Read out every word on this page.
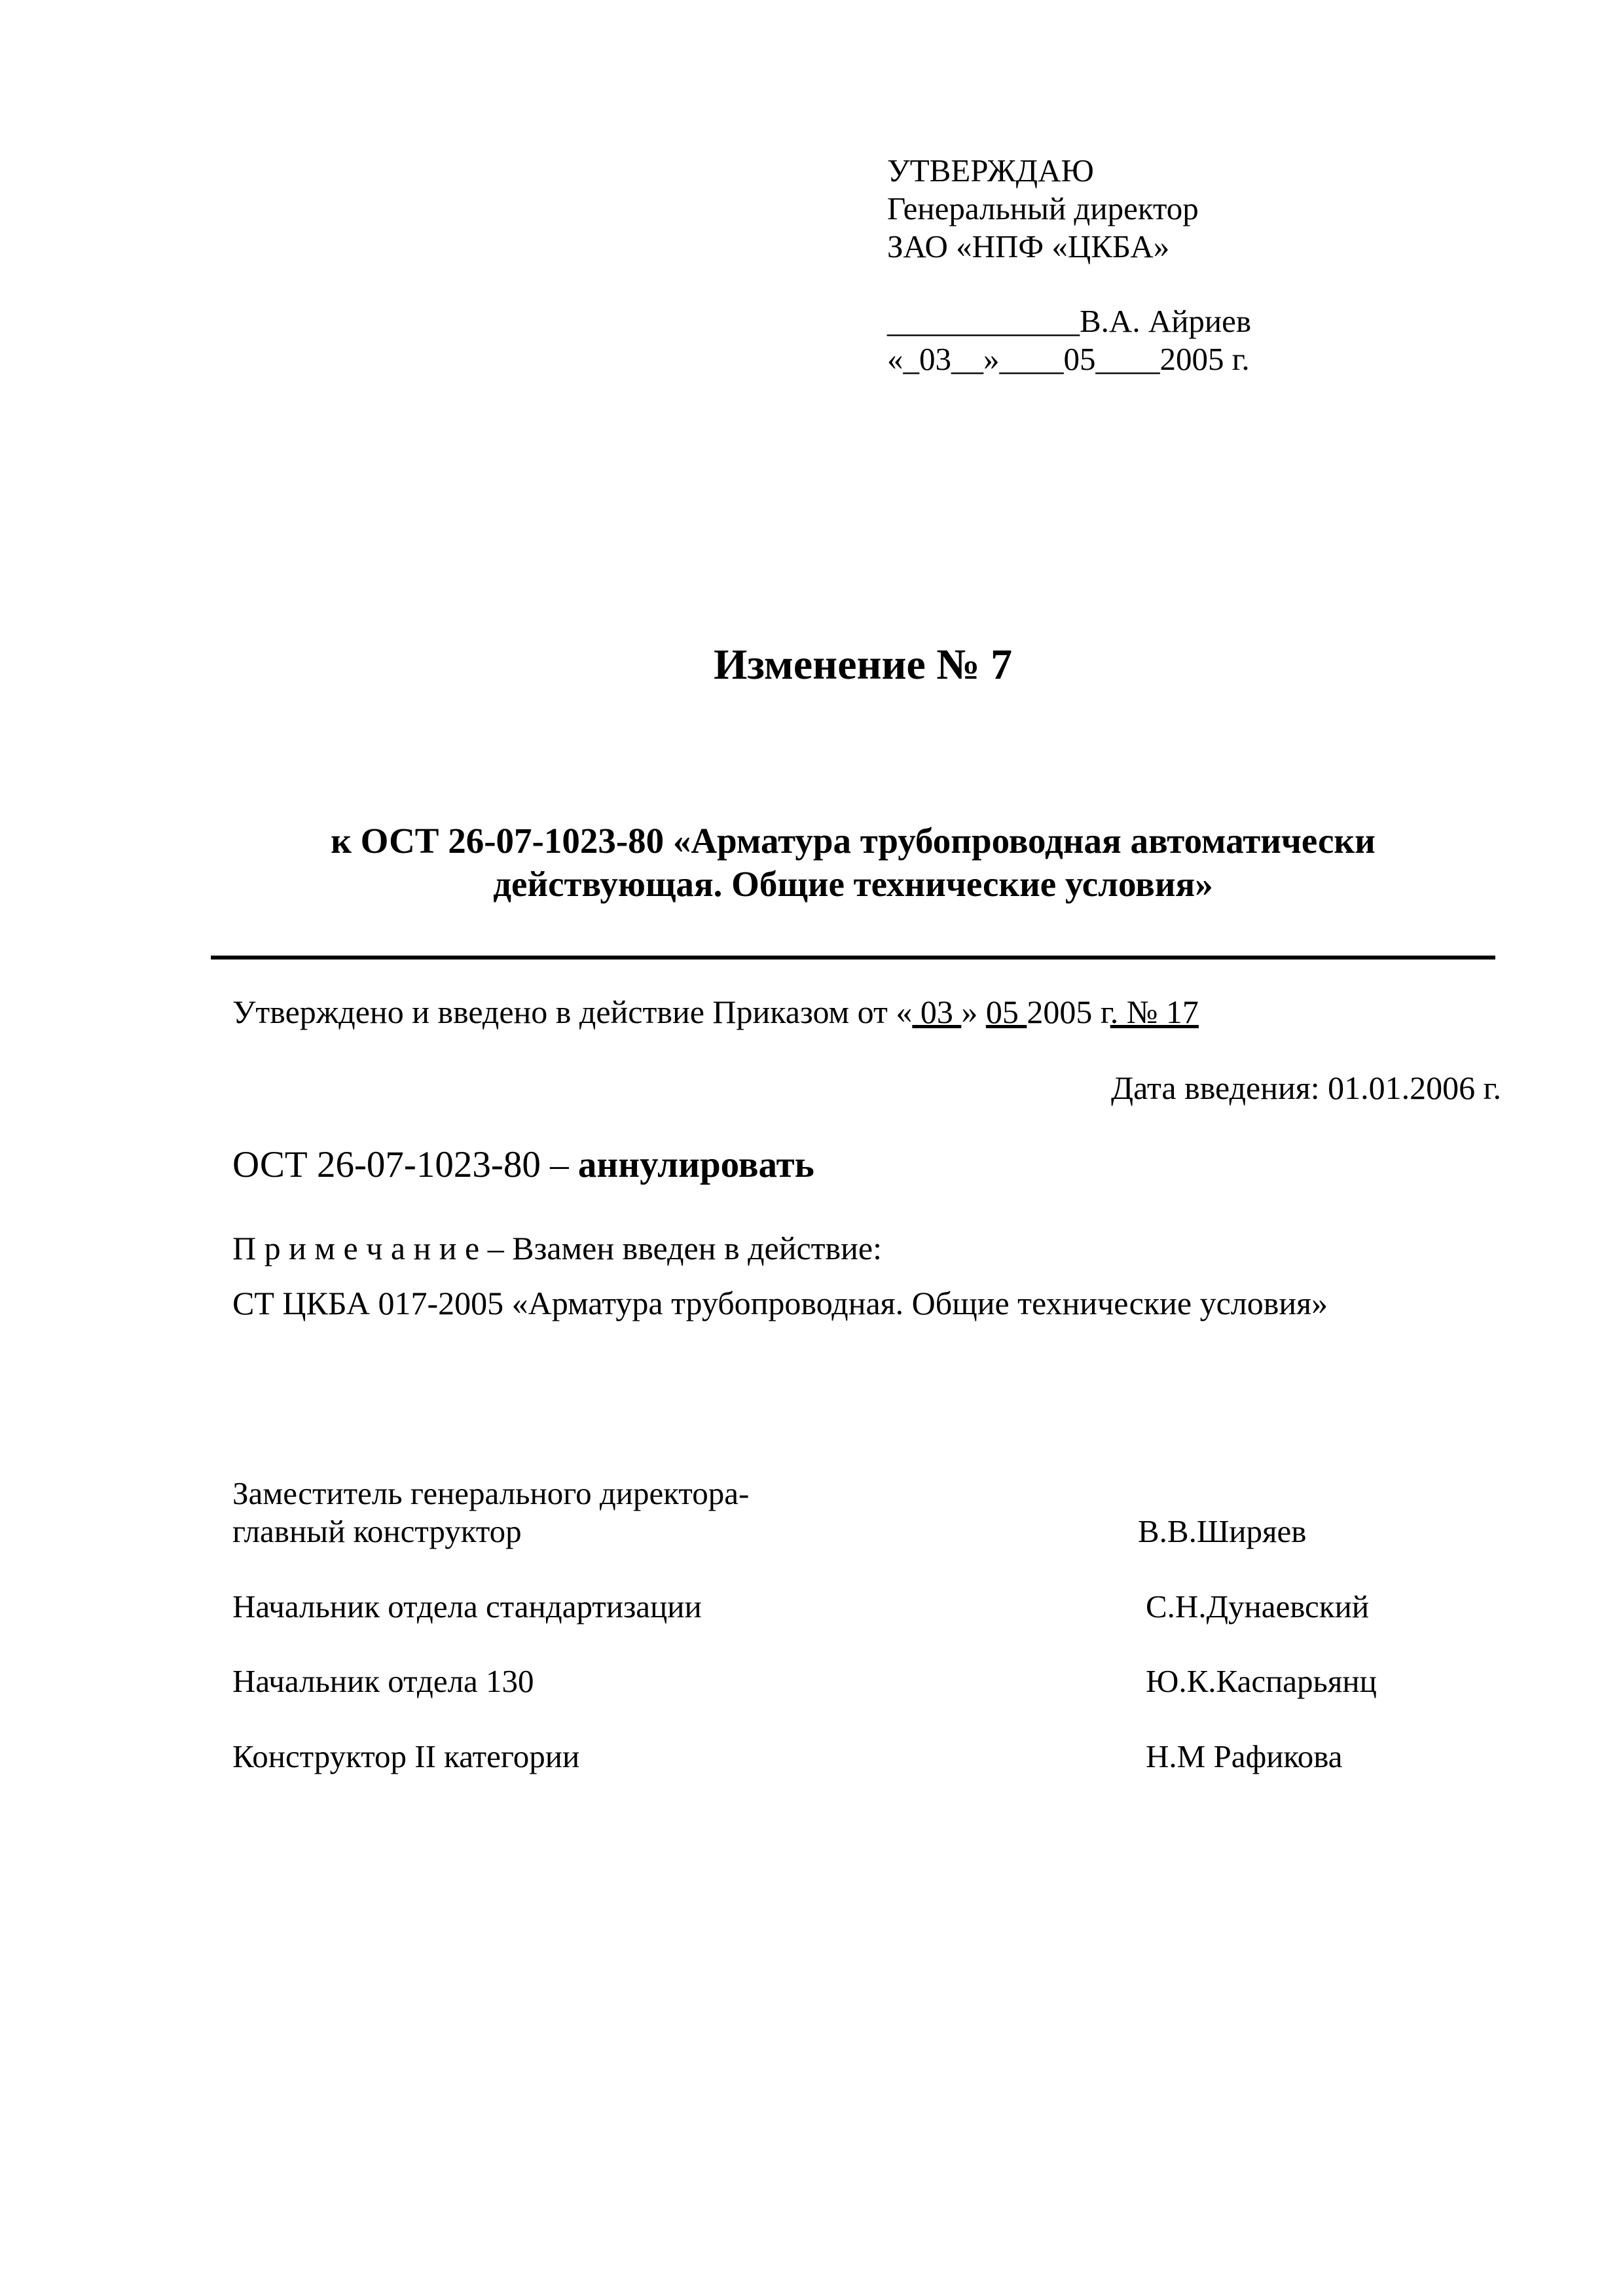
УТВЕРЖДАЮ
Генеральный директор
ЗАО «НПФ «ЦКБА»
____________В.А. Айриев
«_03__»____05____2005 г.
Изменение № 7
к ОСТ 26-07-1023-80 «Арматура трубопроводная автоматически
действующая. Общие технические условия»
Утверждено и введено в действие Приказом от « 03 » 05 2005 г. № 17
Дата введения: 01.01.2006 г.
ОСТ 26-07-1023-80 – аннулировать
П р и м е ч а н и е – Взамен введен в действие:
СТ ЦКБА 017-2005 «Арматура трубопроводная. Общие технические условия»
Заместитель генерального директора-
главный конструктор	В.В.Ширяев
Начальник отдела стандартизации	С.Н.Дунаевский
Начальник отдела 130	Ю.К.Каспарьянц
Конструктор II категории	Н.М Рафикова
